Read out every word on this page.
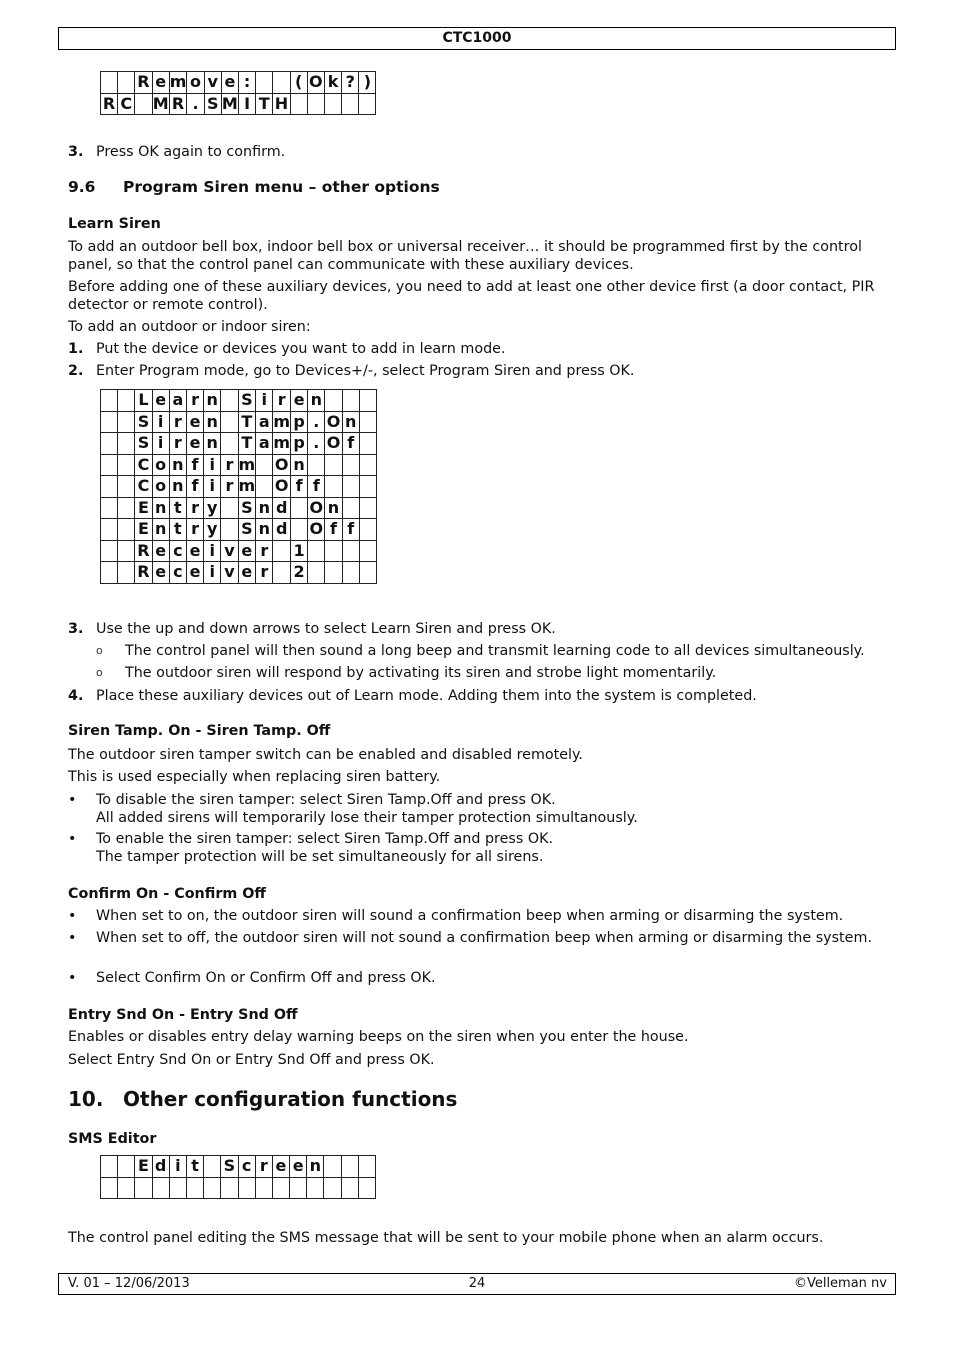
CTC1000
		R	e	m	o	v	e	:			(	O	k	?	)
R	C		M	R	.	S	M	I	T	H					
3. Press OK again to confirm.
9.6 Program Siren menu – other options
Learn Siren
To add an outdoor bell box, indoor bell box or universal receiver… it should be programmed first by the control panel, so that the control panel can communicate with these auxiliary devices.
Before adding one of these auxiliary devices, you need to add at least one other device first (a door contact, PIR detector or remote control).
To add an outdoor or indoor siren:
1. Put the device or devices you want to add in learn mode.
2. Enter Program mode, go to Devices+/-, select Program Siren and press OK.
		L	e	a	r	n		S	i	r	e	n			
		S	i	r	e	n		T	a	m	p	.	O	n	
		S	i	r	e	n		T	a	m	p	.	O	f	
		C	o	n	f	i	r	m		O	n				
		C	o	n	f	i	r	m		O	f	f			
		E	n	t	r	y		S	n	d		O	n		
		E	n	t	r	y		S	n	d		O	f	f	
		R	e	c	e	i	v	e	r		1				
		R	e	c	e	i	v	e	r		2				
3. Use the up and down arrows to select Learn Siren and press OK.
o The control panel will then sound a long beep and transmit learning code to all devices simultaneously.
o The outdoor siren will respond by activating its siren and strobe light momentarily.
4. Place these auxiliary devices out of Learn mode. Adding them into the system is completed.
Siren Tamp. On - Siren Tamp. Off
The outdoor siren tamper switch can be enabled and disabled remotely.
This is used especially when replacing siren battery.
• To disable the siren tamper: select Siren Tamp.Off and press OK.
All added sirens will temporarily lose their tamper protection simultanously.
• To enable the siren tamper: select Siren Tamp.Off and press OK.
The tamper protection will be set simultaneously for all sirens.
Confirm On - Confirm Off
• When set to on, the outdoor siren will sound a confirmation beep when arming or disarming the system.
• When set to off, the outdoor siren will not sound a confirmation beep when arming or disarming the system.
• Select Confirm On or Confirm Off and press OK.
Entry Snd On - Entry Snd Off
Enables or disables entry delay warning beeps on the siren when you enter the house.
Select Entry Snd On or Entry Snd Off and press OK.
10. Other configuration functions
SMS Editor
		E	d	i	t		S	c	r	e	e	n			

The control panel editing the SMS message that will be sent to your mobile phone when an alarm occurs.
V. 01 – 12/06/2013	24	©Velleman nv
